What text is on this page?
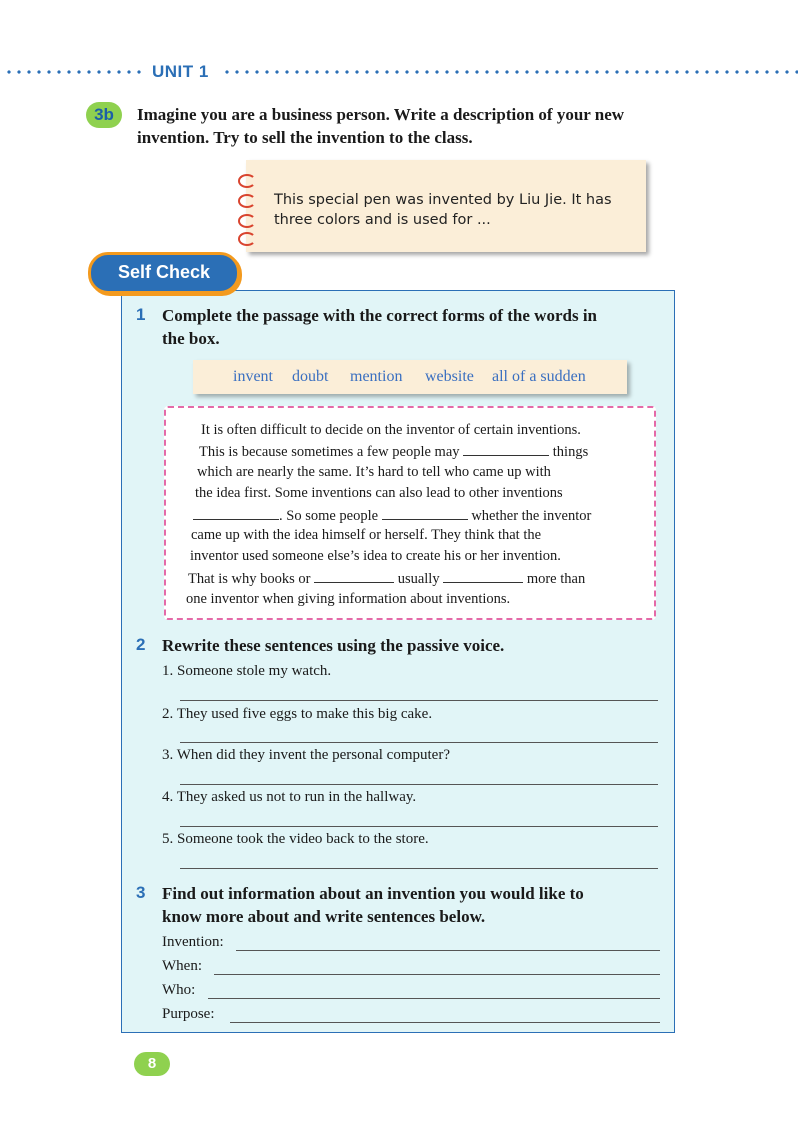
UNIT 1
3b	Imagine you are a business person. Write a description of your new invention. Try to sell the invention to the class.
This special pen was invented by Liu Jie. It has
three colors and is used for ...
Self Check
1 Complete the passage with the correct forms of the words in
the box.
invent doubt mention website all of a sudden
It is often difficult to decide on the inventor of certain inventions.
This is because sometimes a few people may	things
which are nearly the same. It’s hard to tell who came up with
the idea first. Some inventions can also lead to other inventions
. So some people	whether the inventor
came up with the idea himself or herself. They think that the
inventor used someone else’s idea to create his or her invention.
That is why books or	usually	more than
one inventor when giving information about inventions.
2 Rewrite these sentences using the passive voice.
1. Someone stole my watch.
2. They used five eggs to make this big cake.
3. When did they invent the personal computer?
4. They asked us not to run in the hallway.
5. Someone took the video back to the store.
3 Find out information about an invention you would like to
know more about and write sentences below.
Invention:
When:
Who:
Purpose:
8
